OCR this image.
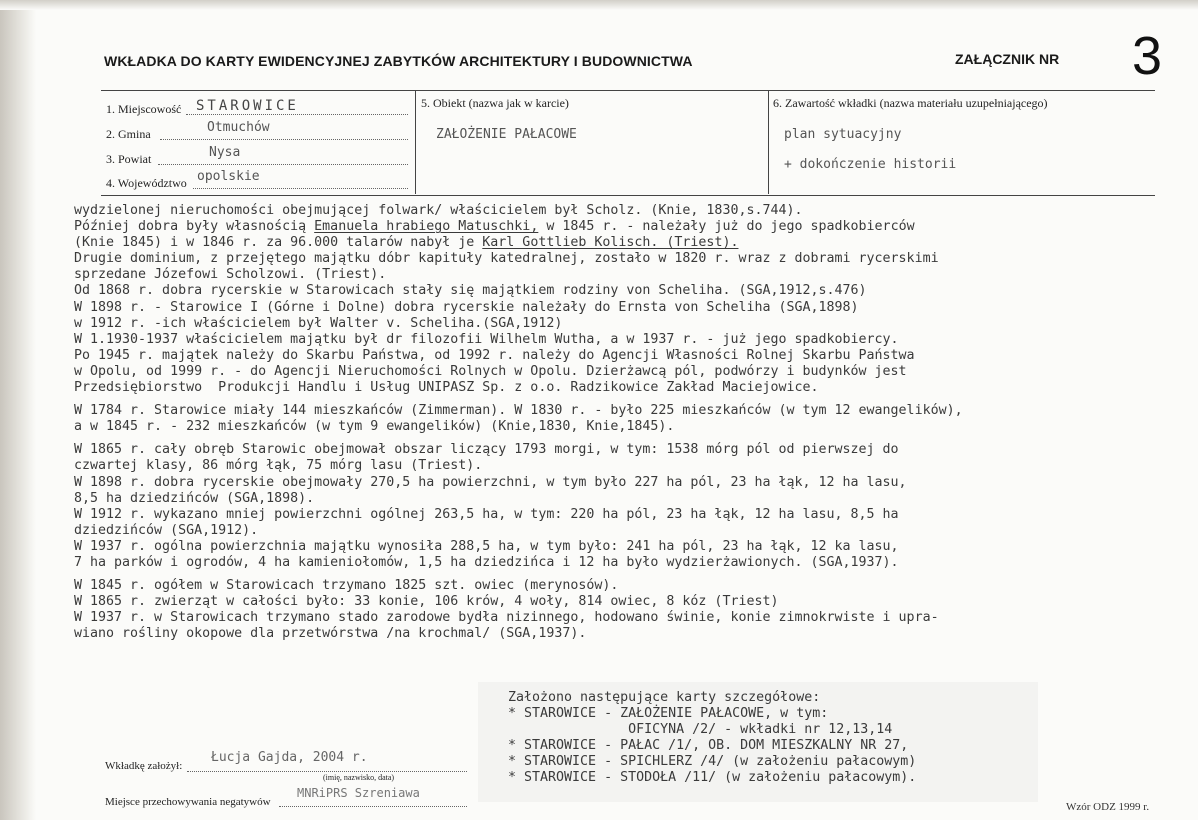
WKŁADKA DO KARTY EWIDENCYJNEJ ZABYTKÓW ARCHITEKTURY I BUDOWNICTWA	ZAŁĄCZNIK NR 3
1. Miejscowość STAROWICE
2. Gmina	Otmuchów
3. Powiat	Nysa
4. Województwo opolskie
5. Obiekt (nazwa jak w karcie)
ZAŁOŻENIE PAŁACOWE
6. Zawartość wkładki (nazwa materiału uzupełniającego)
plan sytuacyjny
+ dokończenie historii
wydzielonej nieruchomości obejmującej folwark/ właścicielem był Scholz. (Knie, 1830,s.744).
Później dobra były własnością Emanuela hrabiego Matuschki, w 1845 r. - należały już do jego spadkobierców
(Knie 1845) i w 1846 r. za 96.000 talarów nabył je Karl Gottlieb Kolisch. (Triest).
Drugie dominium, z przejętego majątku dóbr kapituły katedralnej, zostało w 1820 r. wraz z dobrami rycerskimi
sprzedane Józefowi Scholzowi. (Triest).
Od 1868 r. dobra rycerskie w Starowicach stały się majątkiem rodziny von Scheliha. (SGA,1912,s.476)
W 1898 r. - Starowice I (Górne i Dolne) dobra rycerskie należały do Ernsta von Scheliha (SGA,1898)
w 1912 r. -ich właścicielem był Walter v. Scheliha.(SGA,1912)
W 1.1930-1937 właścicielem majątku był dr filozofii Wilhelm Wutha, a w 1937 r. - już jego spadkobiercy.
Po 1945 r. majątek należy do Skarbu Państwa, od 1992 r. należy do Agencji Własności Rolnej Skarbu Państwa
w Opolu, od 1999 r. - do Agencji Nieruchomości Rolnych w Opolu. Dzierżawcą pól, podwórzy i budynków jest
Przedsiębiorstwo  Produkcji Handlu i Usług UNIPASZ Sp. z o.o. Radzikowice Zakład Maciejowice.
W 1784 r. Starowice miały 144 mieszkańców (Zimmerman). W 1830 r. - było 225 mieszkańców (w tym 12 ewangelików),
a w 1845 r. - 232 mieszkańców (w tym 9 ewangelików) (Knie,1830, Knie,1845).
W 1865 r. cały obręb Starowic obejmował obszar liczący 1793 morgi, w tym: 1538 mórg pól od pierwszej do
czwartej klasy, 86 mórg łąk, 75 mórg lasu (Triest).
W 1898 r. dobra rycerskie obejmowały 270,5 ha powierzchni, w tym było 227 ha pól, 23 ha łąk, 12 ha lasu,
8,5 ha dziedzińców (SGA,1898).
W 1912 r. wykazano mniej powierzchni ogólnej 263,5 ha, w tym: 220 ha pól, 23 ha łąk, 12 ha lasu, 8,5 ha
dziedzińców (SGA,1912).
W 1937 r. ogólna powierzchnia majątku wynosiła 288,5 ha, w tym było: 241 ha pól, 23 ha łąk, 12 ka lasu,
7 ha parków i ogrodów, 4 ha kamieniołomów, 1,5 ha dziedzińca i 12 ha było wydzierżawionych. (SGA,1937).
W 1845 r. ogółem w Starowicach trzymano 1825 szt. owiec (merynosów).
W 1865 r. zwierząt w całości było: 33 konie, 106 krów, 4 woły, 814 owiec, 8 kóz (Triest)
W 1937 r. w Starowicach trzymano stado zarodowe bydła nizinnego, hodowano świnie, konie zimnokrwiste i upra-
wiano rośliny okopowe dla przetwórstwa /na krochmal/ (SGA,1937).
Założono następujące karty szczegółowe:
* STAROWICE - ZAŁOŻENIE PAŁACOWE, w tym:
OFICYNA /2/ - wkładki nr 12,13,14
* STAROWICE - PAŁAC /1/, OB. DOM MIESZKALNY NR 27,
* STAROWICE - SPICHLERZ /4/ (w założeniu pałacowym)
* STAROWICE - STODOŁA /11/ (w założeniu pałacowym).
Wkładkę założył:
Łucja Gajda, 2004 r.
(imię, nazwisko, data)
Miejsce przechowywania negatywów
MNRiPRS Szreniawa
Wzór ODZ 1999 r.
